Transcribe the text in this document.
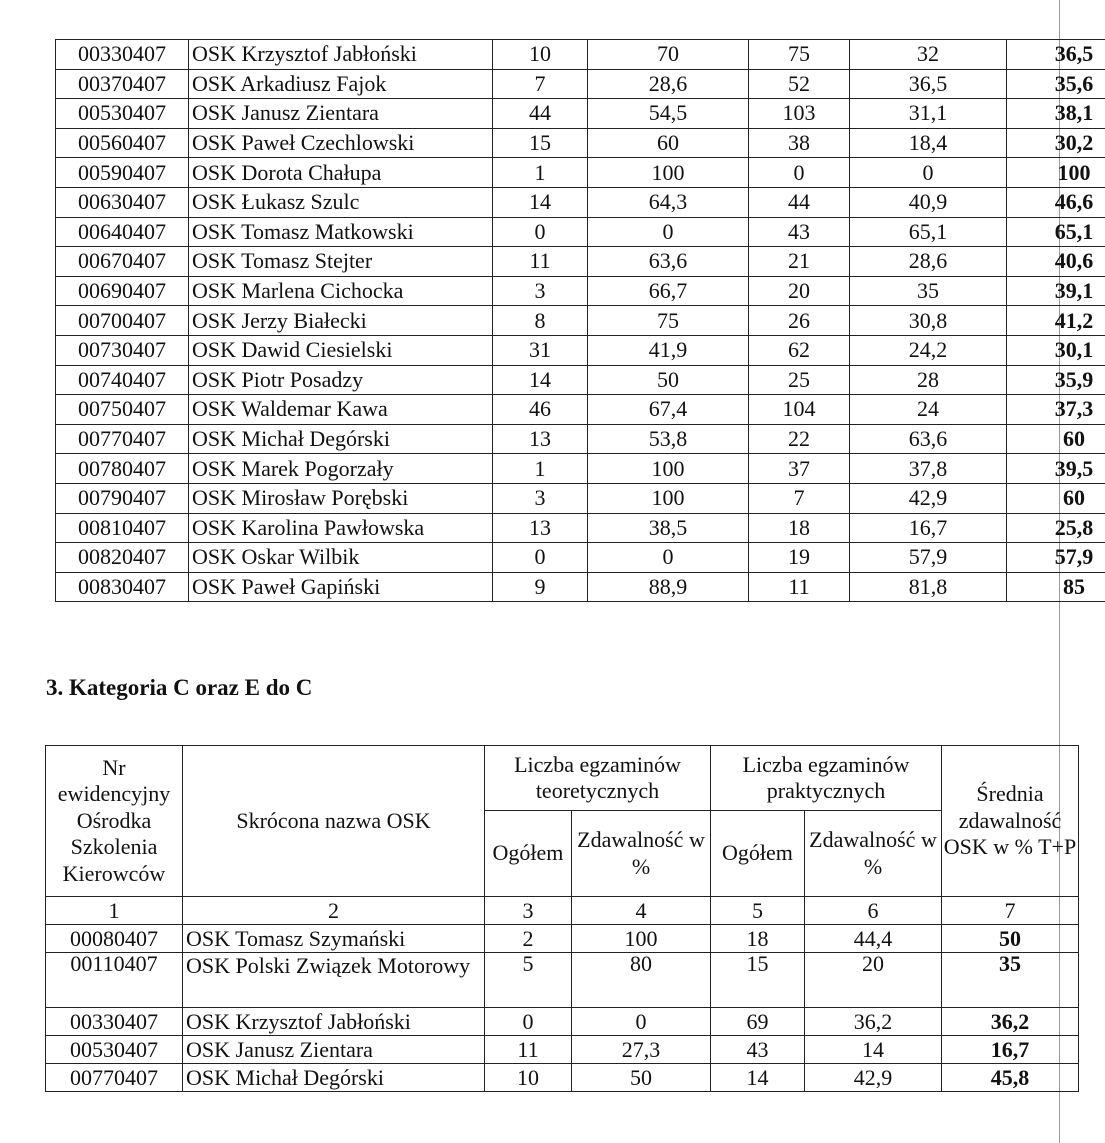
00330407	OSK Krzysztof Jabłoński	10	70	75	32	36,5
00370407	OSK Arkadiusz Fajok	7	28,6	52	36,5	35,6
00530407	OSK Janusz Zientara	44	54,5	103	31,1	38,1
00560407	OSK Paweł Czechlowski	15	60	38	18,4	30,2
00590407	OSK Dorota Chałupa	1	100	0	0	100
00630407	OSK Łukasz Szulc	14	64,3	44	40,9	46,6
00640407	OSK Tomasz Matkowski	0	0	43	65,1	65,1
00670407	OSK Tomasz Stejter	11	63,6	21	28,6	40,6
00690407	OSK Marlena Cichocka	3	66,7	20	35	39,1
00700407	OSK Jerzy Białecki	8	75	26	30,8	41,2
00730407	OSK Dawid Ciesielski	31	41,9	62	24,2	30,1
00740407	OSK Piotr Posadzy	14	50	25	28	35,9
00750407	OSK Waldemar Kawa	46	67,4	104	24	37,3
00770407	OSK Michał Degórski	13	53,8	22	63,6	60
00780407	OSK Marek Pogorzały	1	100	37	37,8	39,5
00790407	OSK Mirosław Porębski	3	100	7	42,9	60
00810407	OSK Karolina Pawłowska	13	38,5	18	16,7	25,8
00820407	OSK Oskar Wilbik	0	0	19	57,9	57,9
00830407	OSK Paweł Gapiński	9	88,9	11	81,8	85
3. Kategoria C oraz E do C
Nr ewidencyjny Ośrodka Szkolenia Kierowców	Skrócona nazwa OSK	Liczba egzaminów teoretycznych		Liczba egzaminów praktycznych		Średnia zdawalność OSK w % T+P
		Ogółem	Zdawalność w %	Ogółem	Zdawalność w %	
1	2	3	4	5	6	7
00080407	OSK Tomasz Szymański	2	100	18	44,4	50
00110407	OSK Polski Związek Motorowy	5	80	15	20	35
00330407	OSK Krzysztof Jabłoński	0	0	69	36,2	36,2
00530407	OSK Janusz Zientara	11	27,3	43	14	16,7
00770407	OSK Michał Degórski	10	50	14	42,9	45,8
